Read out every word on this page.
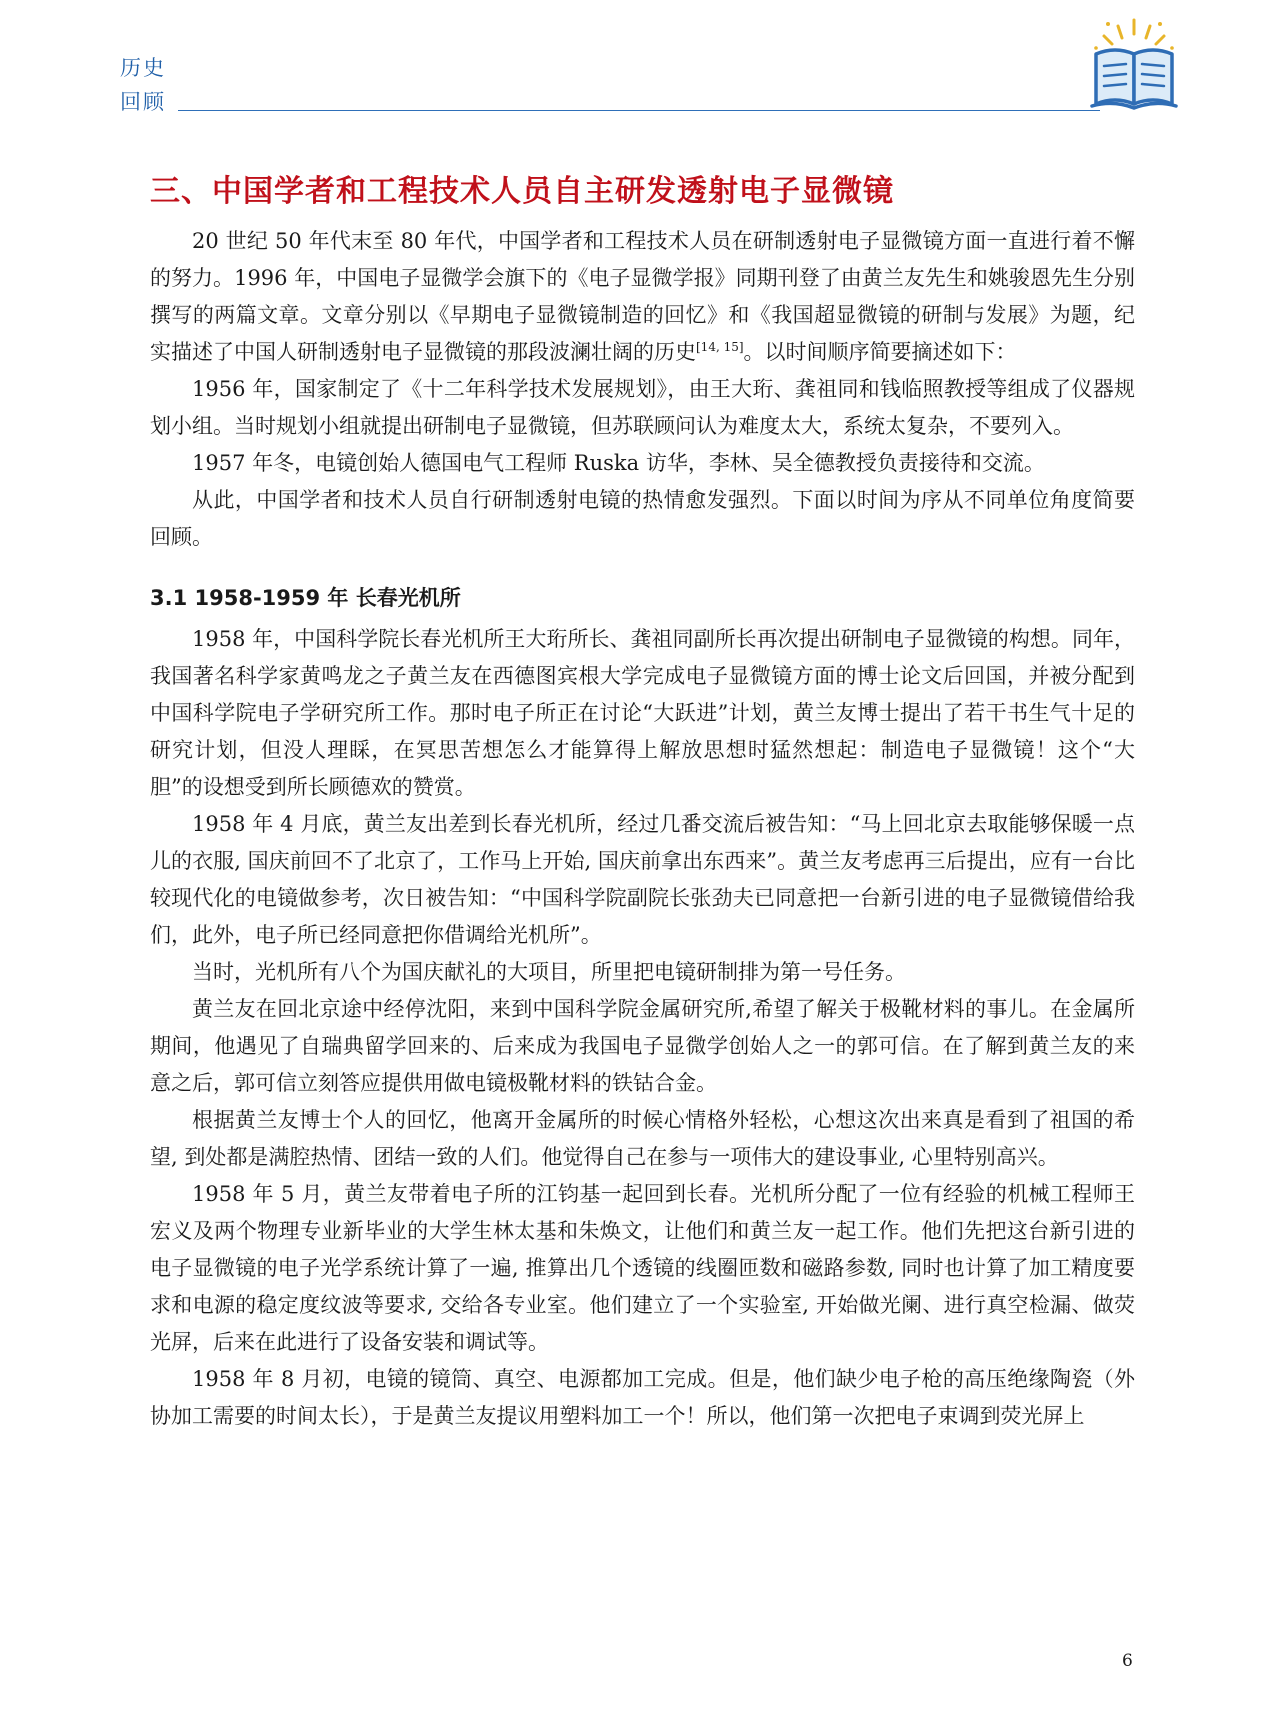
历史
回顾
三、中国学者和工程技术人员自主研发透射电子显微镜

20 世纪 50 年代末至 80 年代，中国学者和工程技术人员在研制透射电子显微镜方面一直进行着不懈的努力。1996 年，中国电子显微学会旗下的《电子显微学报》同期刊登了由黄兰友先生和姚骏恩先生分别撰写的两篇文章。文章分别以《早期电子显微镜制造的回忆》和《我国超显微镜的研制与发展》为题，纪实描述了中国人研制透射电子显微镜的那段波澜壮阔的历史[14, 15]。以时间顺序简要摘述如下：

1956 年，国家制定了《十二年科学技术发展规划》，由王大珩、龚祖同和钱临照教授等组成了仪器规划小组。当时规划小组就提出研制电子显微镜，但苏联顾问认为难度太大，系统太复杂，不要列入。

1957 年冬，电镜创始人德国电气工程师 Ruska 访华，李林、吴全德教授负责接待和交流。

从此，中国学者和技术人员自行研制透射电镜的热情愈发强烈。下面以时间为序从不同单位角度简要回顾。

3.1 1958-1959 年 长春光机所

1958 年，中国科学院长春光机所王大珩所长、龚祖同副所长再次提出研制电子显微镜的构想。同年，我国著名科学家黄鸣龙之子黄兰友在西德图宾根大学完成电子显微镜方面的博士论文后回国，并被分配到中国科学院电子学研究所工作。那时电子所正在讨论“大跃进”计划，黄兰友博士提出了若干书生气十足的研究计划，但没人理睬，在冥思苦想怎么才能算得上解放思想时猛然想起：制造电子显微镜！这个“大胆”的设想受到所长顾德欢的赞赏。

1958 年 4 月底，黄兰友出差到长春光机所，经过几番交流后被告知：“马上回北京去取能够保暖一点儿的衣服, 国庆前回不了北京了，工作马上开始, 国庆前拿出东西来”。黄兰友考虑再三后提出，应有一台比较现代化的电镜做参考，次日被告知：“中国科学院副院长张劲夫已同意把一台新引进的电子显微镜借给我们，此外，电子所已经同意把你借调给光机所”。

当时，光机所有八个为国庆献礼的大项目，所里把电镜研制排为第一号任务。

黄兰友在回北京途中经停沈阳，来到中国科学院金属研究所,希望了解关于极靴材料的事儿。在金属所期间，他遇见了自瑞典留学回来的、后来成为我国电子显微学创始人之一的郭可信。在了解到黄兰友的来意之后，郭可信立刻答应提供用做电镜极靴材料的铁钴合金。

根据黄兰友博士个人的回忆，他离开金属所的时候心情格外轻松，心想这次出来真是看到了祖国的希望, 到处都是满腔热情、团结一致的人们。他觉得自己在参与一项伟大的建设事业, 心里特别高兴。

1958 年 5 月，黄兰友带着电子所的江钧基一起回到长春。光机所分配了一位有经验的机械工程师王宏义及两个物理专业新毕业的大学生林太基和朱焕文，让他们和黄兰友一起工作。他们先把这台新引进的电子显微镜的电子光学系统计算了一遍, 推算出几个透镜的线圈匝数和磁路参数, 同时也计算了加工精度要求和电源的稳定度纹波等要求, 交给各专业室。他们建立了一个实验室, 开始做光阑、进行真空检漏、做荧光屏，后来在此进行了设备安装和调试等。

1958 年 8 月初，电镜的镜筒、真空、电源都加工完成。但是，他们缺少电子枪的高压绝缘陶瓷（外协加工需要的时间太长），于是黄兰友提议用塑料加工一个！所以，他们第一次把电子束调到荧光屏上

6
